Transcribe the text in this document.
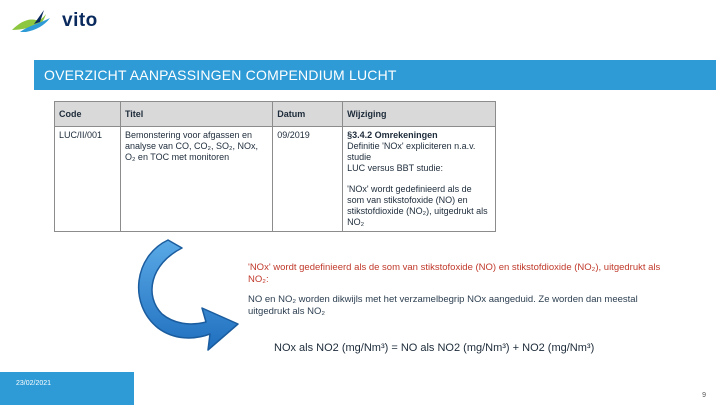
vito
OVERZICHT AANPASSINGEN COMPENDIUM LUCHT
Code	Titel	Datum	Wijziging
LUC/II/001	Bemonstering voor afgassen en analyse van CO, CO₂, SO₂, NOx, O₂ en TOC met monitoren	09/2019	§3.4.2 Omrekeningen
Definitie 'NOx' expliciteren n.a.v. studie
LUC versus BBT studie:
'NOx' wordt gedefinieerd als de som van stikstofoxide (NO) en stikstofdioxide (NO₂), uitgedrukt als NO₂
'NOx' wordt gedefinieerd als de som van stikstofoxide (NO) en stikstofdioxide (NO₂), uitgedrukt als NO₂:
NO en NO₂ worden dikwijls met het verzamelbegrip NOx aangeduid. Ze worden dan meestal uitgedrukt als NO₂
NOx als NO2 (mg/Nm³) = NO als NO2 (mg/Nm³) + NO2 (mg/Nm³)
23/02/2021
9
